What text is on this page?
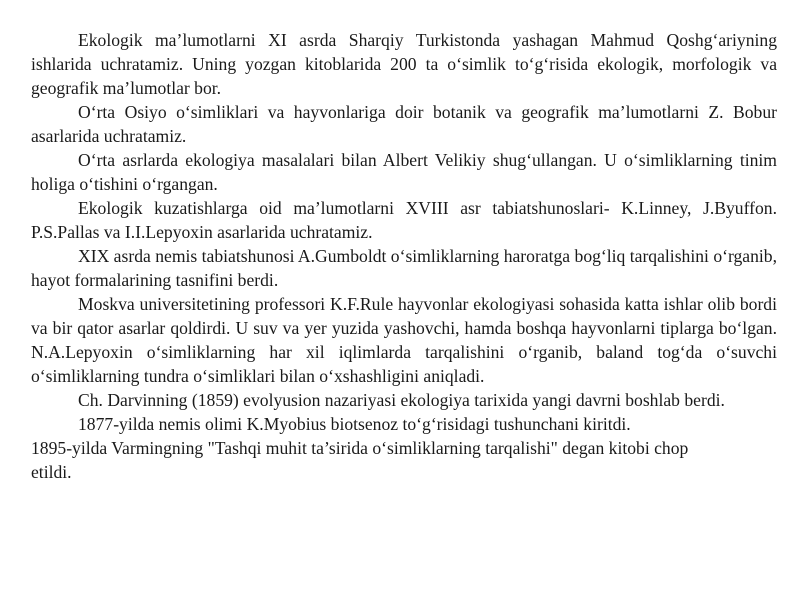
Ekologik ma’lumotlarni XI asrda Sharqiy Turkistonda yashagan Mahmud Qoshg‘ariyning ishlarida uchratamiz. Uning yozgan kitoblarida 200 ta o‘simlik to‘g‘risida ekologik, morfologik va geografik ma’lumotlar bor.

O‘rta Osiyo o‘simliklari va hayvonlariga doir botanik va geografik ma’lumotlarni Z. Bobur asarlarida uchratamiz.

O‘rta asrlarda ekologiya masalalari bilan Albert Velikiy shug‘ullangan. U o‘simliklarning tinim holiga o‘tishini o‘rgangan.

Ekologik kuzatishlarga oid ma’lumotlarni XVIII asr tabiatshunoslari- K.Linney, J.Byuffon. P.S.Pallas va I.I.Lepyoxin asarlarida uchratamiz.

XIX asrda nemis tabiatshunosi A.Gumboldt o‘simliklarning haroratga bog‘liq tarqalishini o‘rganib, hayot formalarining tasnifini berdi.

Moskva universitetining professori K.F.Rule hayvonlar ekologiyasi sohasida katta ishlar olib bordi va bir qator asarlar qoldirdi. U suv va yer yuzida yashovchi, hamda boshqa hayvonlarni tiplarga bo‘lgan. N.A.Lepyoxin o‘simliklarning har xil iqlimlarda tarqalishini o‘rganib, baland tog‘da o‘suvchi o‘simliklarning tundra o‘simliklari bilan o‘xshashligini aniqladi.

Ch. Darvinning (1859) evolyusion nazariyasi ekologiya tarixida yangi davrni boshlab berdi.

1877-yilda nemis olimi K.Myobius biotsenoz to‘g‘risidagi tushunchani kiritdi.

1895-yilda Varmingning "Tashqi muhit ta’sirida o‘simliklarning tarqalishi" degan kitobi chop etildi.
